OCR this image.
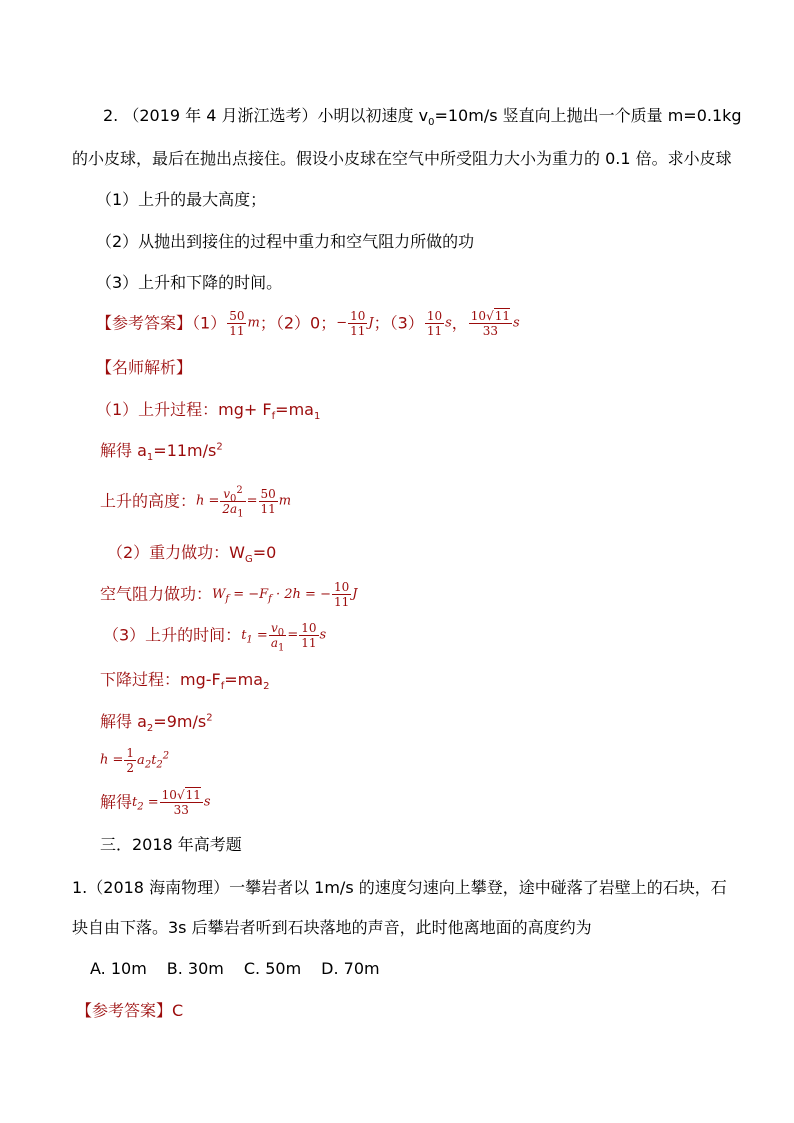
2. （2019 年 4 月浙江选考）小明以初速度 $v_0=10m/s$ 竖直向上抛出一个质量 m=0.1kg
的小皮球，最后在抛出点接住。假设小皮球在空气中所受阻力大小为重力的 0.1 倍。求小皮球
（1）上升的最大高度；
（2）从抛出到接住的过程中重力和空气阻力所做的功
（3）上升和下降的时间。
【参考答案】$(1) \frac{50}{11}$ m；（2）0；− $\frac{10}{11}$ J；$(3) \frac{10}{11}$ s， $\frac{10√11}{33}$ s
【名师解析】
（1）上升过程：$mg+ F_f=ma_1$
解得 $a_1=11m/s^2$
上升的高度：$h = \frac{v_0^2}{2a_1} = \frac{50}{11}$ m
（2）重力做功：$W_G=0$
空气阻力做功：$W_f = -F_f \cdot 2h$ = − $\frac{10}{11}$ J
（3）上升的时间：$t_1 = \frac{v_0}{a_1} = \frac{10}{11}$ s
下降过程：$mg-F_f=ma_2$
解得 $a_2=9m/s^2$
$h = \frac{1}{2} a_2t_2^2$
解得$t_2 = \frac{10√11}{33}$ s
三．2018 年高考题
1.（2018 海南物理）一攀岩者以 1m/s 的速度匀速向上攀登，途中碰落了岩壁上的石块，石
块自由下落。3s 后攀岩者听到石块落地的声音，此时他离地面的高度约为
A. 10m B. 30m C. 50m D. 70m
【参考答案】C
